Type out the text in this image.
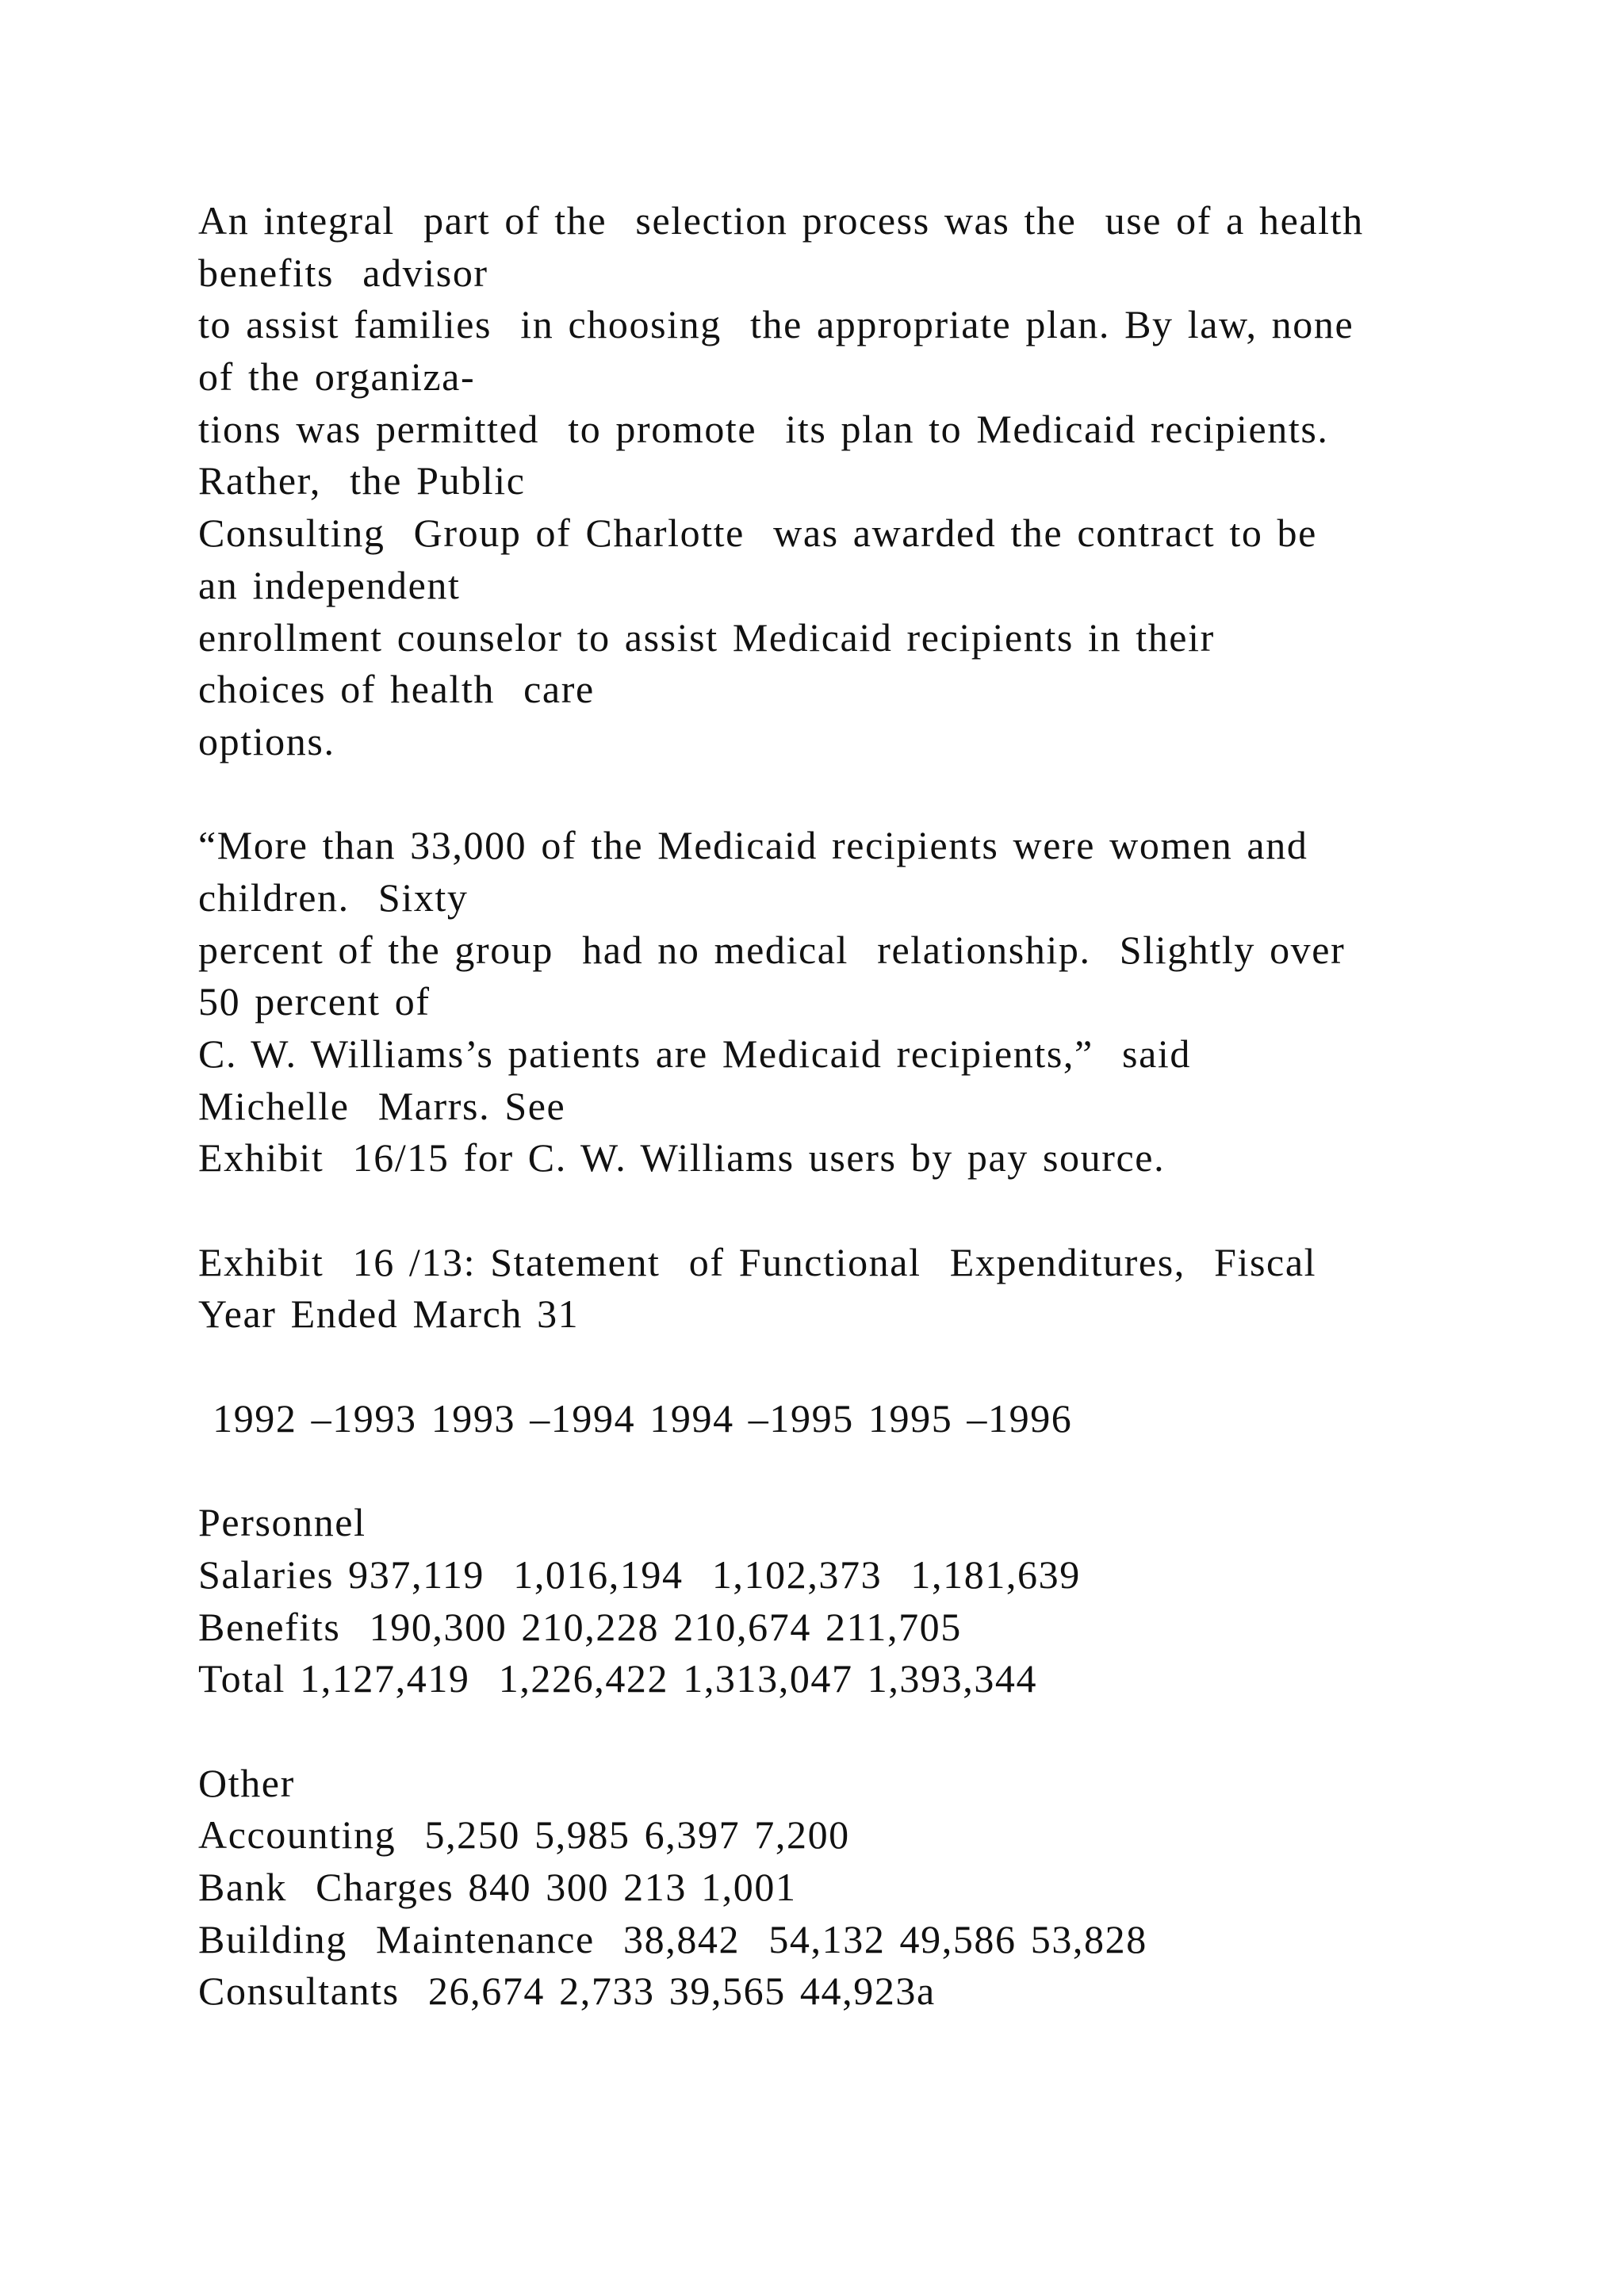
An integral  part of the  selection process was the  use of a health
benefits  advisor
to assist families  in choosing  the appropriate plan. By law, none
of the organiza-
tions was permitted  to promote  its plan to Medicaid recipients.
Rather,  the Public
Consulting  Group of Charlotte  was awarded the contract to be
an independent
enrollment counselor to assist Medicaid recipients in their
choices of health  care
options.
“More than 33,000 of the Medicaid recipients were women and
children.  Sixty
percent of the group  had no medical  relationship.  Slightly over
50 percent of
C. W. Williams’s patients are Medicaid recipients,”  said
Michelle  Marrs. See
Exhibit  16/15 for C. W. Williams users by pay source.
Exhibit  16 /13: Statement  of Functional  Expenditures,  Fiscal
Year Ended March 31
1992 –1993 1993 –1994 1994 –1995 1995 –1996
Personnel
Salaries 937,119  1,016,194  1,102,373  1,181,639
Benefits  190,300 210,228 210,674 211,705
Total 1,127,419  1,226,422 1,313,047 1,393,344
Other
Accounting  5,250 5,985 6,397 7,200
Bank  Charges 840 300 213 1,001
Building  Maintenance  38,842  54,132 49,586 53,828
Consultants  26,674 2,733 39,565 44,923a
